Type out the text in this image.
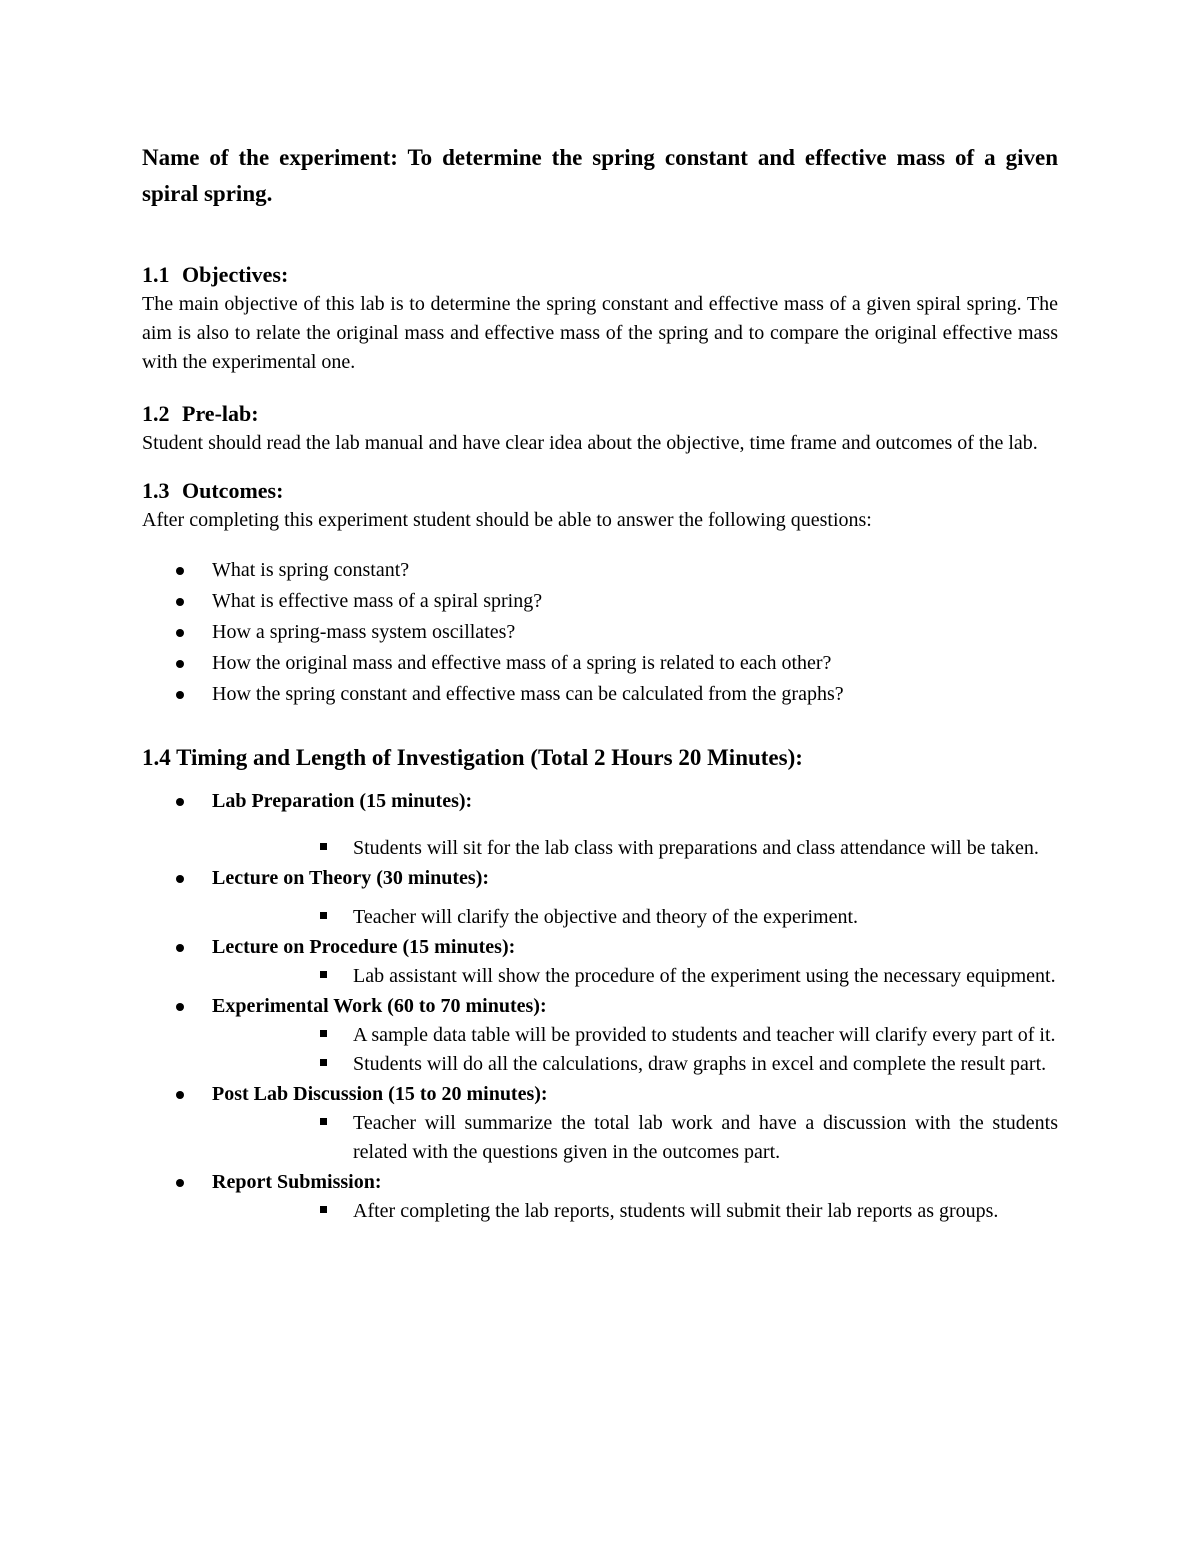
Name of the experiment: To determine the spring constant and effective mass of a given spiral spring.

1.1 Objectives:

The main objective of this lab is to determine the spring constant and effective mass of a given spiral spring. The aim is also to relate the original mass and effective mass of the spring and to compare the original effective mass with the experimental one.

1.2 Pre-lab:

Student should read the lab manual and have clear idea about the objective, time frame and outcomes of the lab.

1.3 Outcomes:

After completing this experiment student should be able to answer the following questions:

What is spring constant?
What is effective mass of a spiral spring?
How a spring-mass system oscillates?
How the original mass and effective mass of a spring is related to each other?
How the spring constant and effective mass can be calculated from the graphs?
1.4 Timing and Length of Investigation (Total 2 Hours 20 Minutes):
Lab Preparation (15 minutes):
Students will sit for the lab class with preparations and class attendance will be taken.
Lecture on Theory (30 minutes):
Teacher will clarify the objective and theory of the experiment.
Lecture on Procedure (15 minutes):
Lab assistant will show the procedure of the experiment using the necessary equipment.
Experimental Work (60 to 70 minutes):
A sample data table will be provided to students and teacher will clarify every part of it.
Students will do all the calculations, draw graphs in excel and complete the result part.
Post Lab Discussion (15 to 20 minutes):
Teacher will summarize the total lab work and have a discussion with the students related with the questions given in the outcomes part.
Report Submission:
After completing the lab reports, students will submit their lab reports as groups.
